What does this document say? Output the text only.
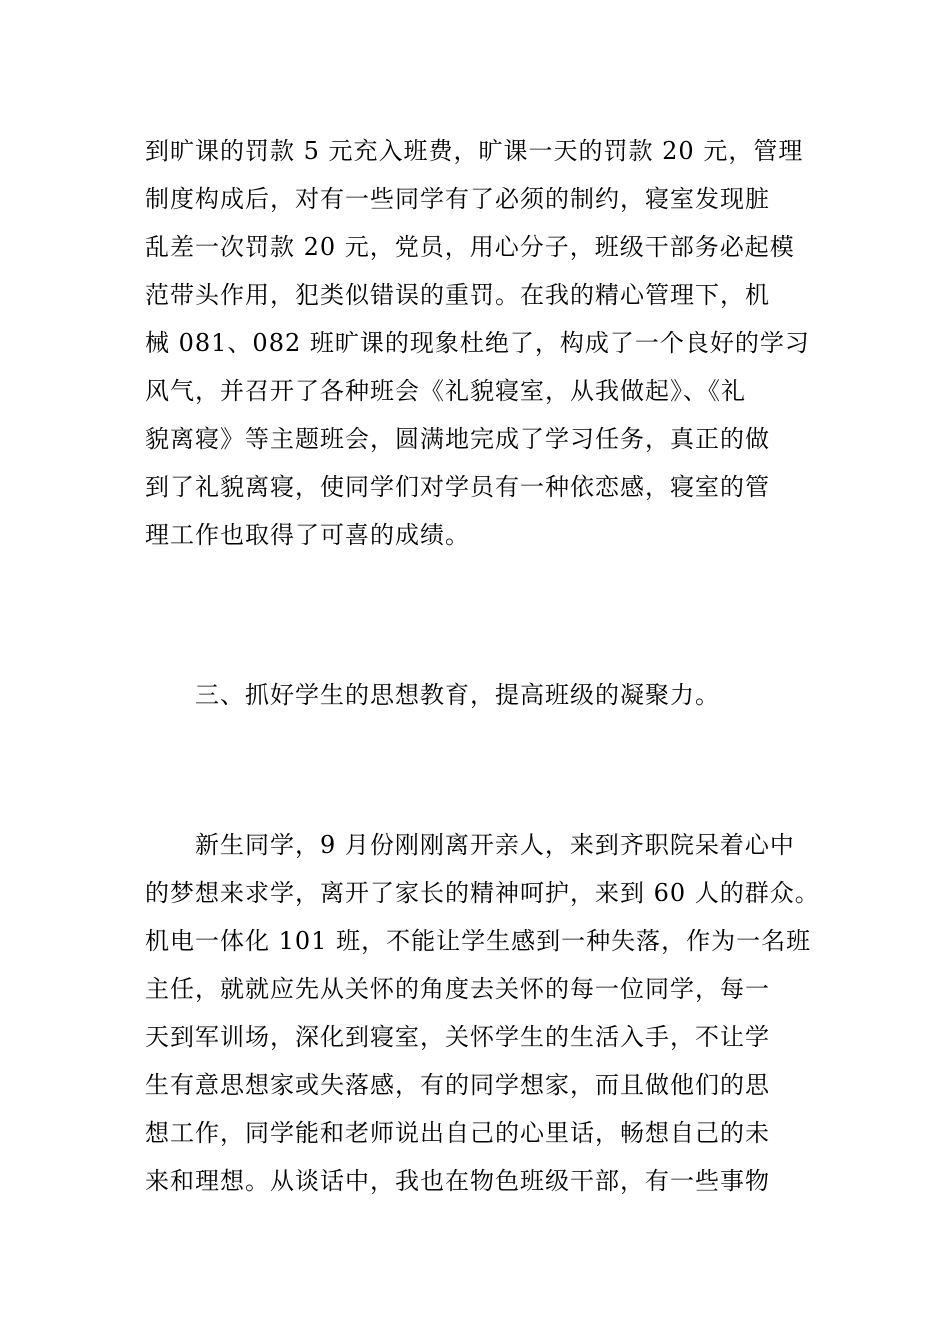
到旷课的罚款 5 元充入班费，旷课一天的罚款 20 元，管理
制度构成后，对有一些同学有了必须的制约，寝室发现脏
乱差一次罚款 20 元，党员，用心分子，班级干部务必起模
范带头作用，犯类似错误的重罚。在我的精心管理下，机
械 081、082 班旷课的现象杜绝了，构成了一个良好的学习
风气，并召开了各种班会《礼貌寝室，从我做起》、《礼
貌离寝》等主题班会，圆满地完成了学习任务，真正的做
到了礼貌离寝，使同学们对学员有一种依恋感，寝室的管
理工作也取得了可喜的成绩。
三、抓好学生的思想教育，提高班级的凝聚力。
新生同学，9 月份刚刚离开亲人，来到齐职院呆着心中
的梦想来求学，离开了家长的精神呵护，来到 60 人的群众。
机电一体化 101 班，不能让学生感到一种失落，作为一名班
主任，就就应先从关怀的角度去关怀的每一位同学，每一
天到军训场，深化到寝室，关怀学生的生活入手，不让学
生有意思想家或失落感，有的同学想家，而且做他们的思
想工作，同学能和老师说出自己的心里话，畅想自己的未
来和理想。从谈话中，我也在物色班级干部，有一些事物
